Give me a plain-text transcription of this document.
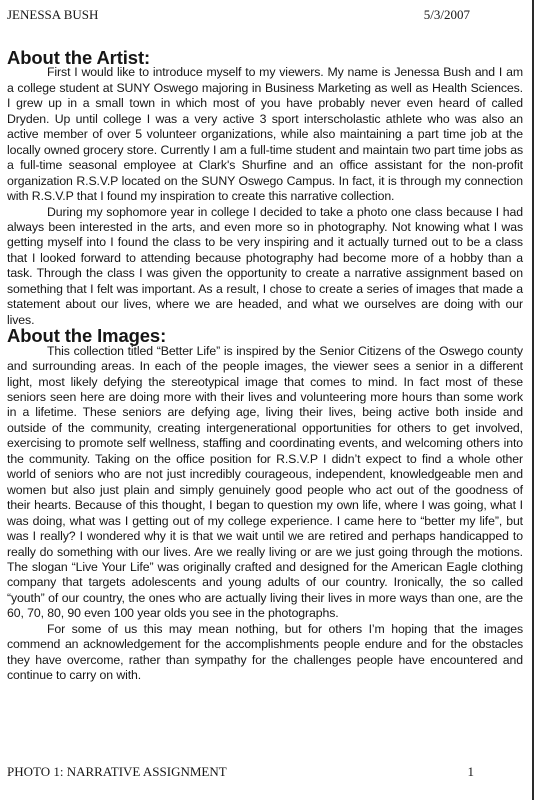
JENESSA BUSH	5/3/2007
About the Artist:

First I would like to introduce myself to my viewers. My name is Jenessa Bush and I am a college student at SUNY Oswego majoring in Business Marketing as well as Health Sciences. I grew up in a small town in which most of you have probably never even heard of called Dryden. Up until college I was a very active 3 sport interscholastic athlete who was also an active member of over 5 volunteer organizations, while also maintaining a part time job at the locally owned grocery store. Currently I am a full-time student and maintain two part time jobs as a full-time seasonal employee at Clark's Shurfine and an office assistant for the non-profit organization R.S.V.P located on the SUNY Oswego Campus. In fact, it is through my connection with R.S.V.P that I found my inspiration to create this narrative collection.

During my sophomore year in college I decided to take a photo one class because I had always been interested in the arts, and even more so in photography. Not knowing what I was getting myself into I found the class to be very inspiring and it actually turned out to be a class that I looked forward to attending because photography had become more of a hobby than a task. Through the class I was given the opportunity to create a narrative assignment based on something that I felt was important. As a result, I chose to create a series of images that made a statement about our lives, where we are headed, and what we ourselves are doing with our lives.

About the Images:

This collection titled “Better Life” is inspired by the Senior Citizens of the Oswego county and surrounding areas. In each of the people images, the viewer sees a senior in a different light, most likely defying the stereotypical image that comes to mind. In fact most of these seniors seen here are doing more with their lives and volunteering more hours than some work in a lifetime. These seniors are defying age, living their lives, being active both inside and outside of the community, creating intergenerational opportunities for others to get involved, exercising to promote self wellness, staffing and coordinating events, and welcoming others into the community. Taking on the office position for R.S.V.P I didn’t expect to find a whole other world of seniors who are not just incredibly courageous, independent, knowledgeable men and women but also just plain and simply genuinely good people who act out of the goodness of their hearts. Because of this thought, I began to question my own life, where I was going, what I was doing, what was I getting out of my college experience. I came here to “better my life”, but was I really? I wondered why it is that we wait until we are retired and perhaps handicapped to really do something with our lives. Are we really living or are we just going through the motions. The slogan “Live Your Life” was originally crafted and designed for the American Eagle clothing company that targets adolescents and young adults of our country. Ironically, the so called “youth” of our country, the ones who are actually living their lives in more ways than one, are the 60, 70, 80, 90 even 100 year olds you see in the photographs.

For some of us this may mean nothing, but for others I’m hoping that the images commend an acknowledgement for the accomplishments people endure and for the obstacles they have overcome, rather than sympathy for the challenges people have encountered and continue to carry on with.

PHOTO 1: NARRATIVE ASSIGNMENT	1
